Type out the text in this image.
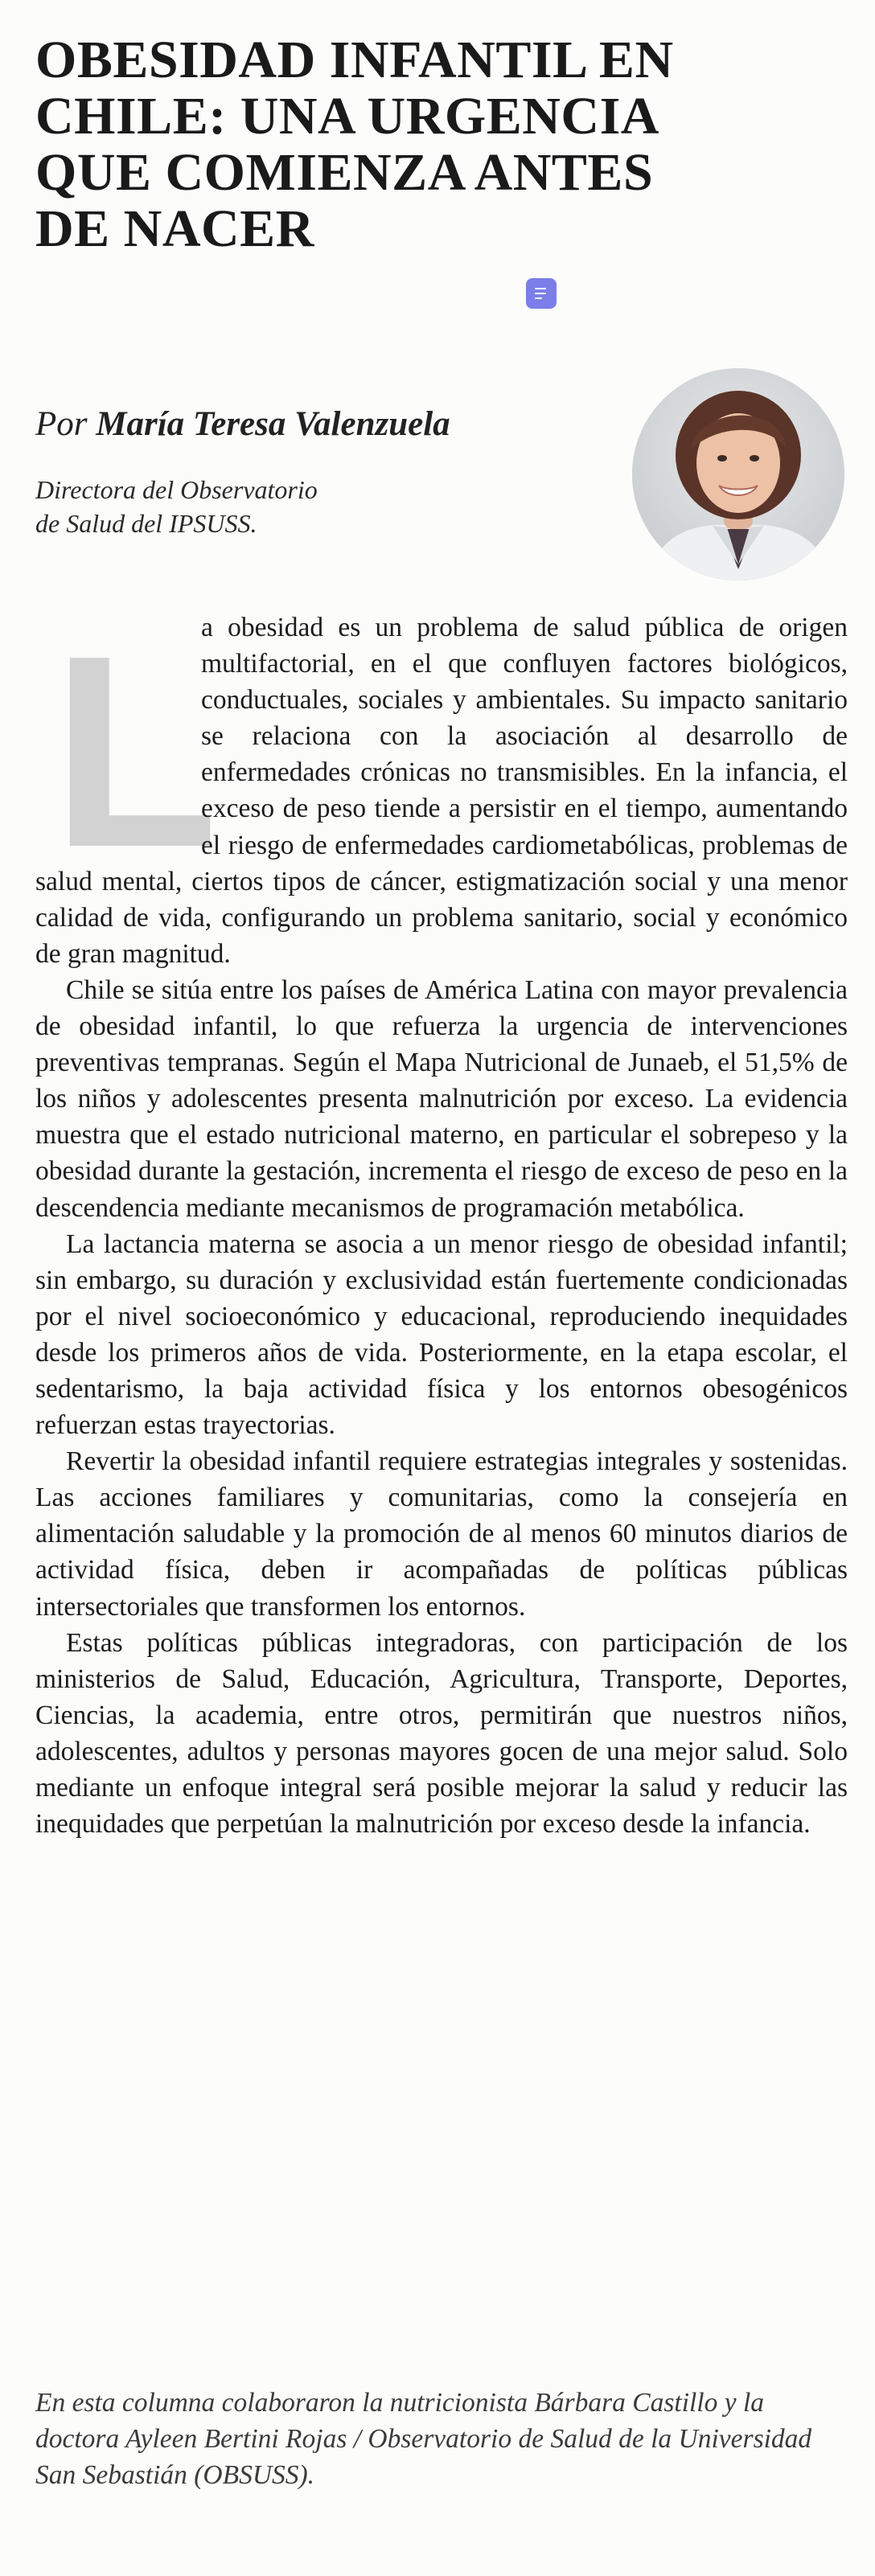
OBESIDAD INFANTIL EN CHILE: UNA URGENCIA QUE COMIENZA ANTES DE NACER

Por María Teresa Valenzuela

Directora del Observatorio
de Salud del IPSUSS.

L

a obesidad es un problema de salud pública de origen multifactorial, en el que confluyen factores biológicos, conductuales, sociales y ambientales. Su impacto sanitario se relaciona con la asociación al desarrollo de enfermedades crónicas no transmisibles. En la infancia, el exceso de peso tiende a persistir en el tiempo, aumentando el riesgo de enfermedades cardiometabólicas, problemas de salud mental, ciertos tipos de cáncer, estigmatización social y una menor calidad de vida, configurando un problema sanitario, social y económico de gran magnitud.

Chile se sitúa entre los países de América Latina con mayor prevalencia de obesidad infantil, lo que refuerza la urgencia de intervenciones preventivas tempranas. Según el Mapa Nutricional de Junaeb, el 51,5% de los niños y adolescentes presenta malnutrición por exceso. La evidencia muestra que el estado nutricional materno, en particular el sobrepeso y la obesidad durante la gestación, incrementa el riesgo de exceso de peso en la descendencia mediante mecanismos de programación metabólica.

La lactancia materna se asocia a un menor riesgo de obesidad infantil; sin embargo, su duración y exclusividad están fuertemente condicionadas por el nivel socioeconómico y educacional, reproduciendo inequidades desde los primeros años de vida. Posteriormente, en la etapa escolar, el sedentarismo, la baja actividad física y los entornos obesogénicos refuerzan estas trayectorias.

Revertir la obesidad infantil requiere estrategias integrales y sostenidas. Las acciones familiares y comunitarias, como la consejería en alimentación saludable y la promoción de al menos 60 minutos diarios de actividad física, deben ir acompañadas de políticas públicas intersectoriales que transformen los entornos.

Estas políticas públicas integradoras, con participación de los ministerios de Salud, Educación, Agricultura, Transporte, Deportes, Ciencias, la academia, entre otros, permitirán que nuestros niños, adolescentes, adultos y personas mayores gocen de una mejor salud. Solo mediante un enfoque integral será posible mejorar la salud y reducir las inequidades que perpetúan la malnutrición por exceso desde la infancia.

En esta columna colaboraron la nutricionista Bárbara Castillo y la doctora Ayleen Bertini Rojas / Observatorio de Salud de la Universidad San Sebastián (OBSUSS).
